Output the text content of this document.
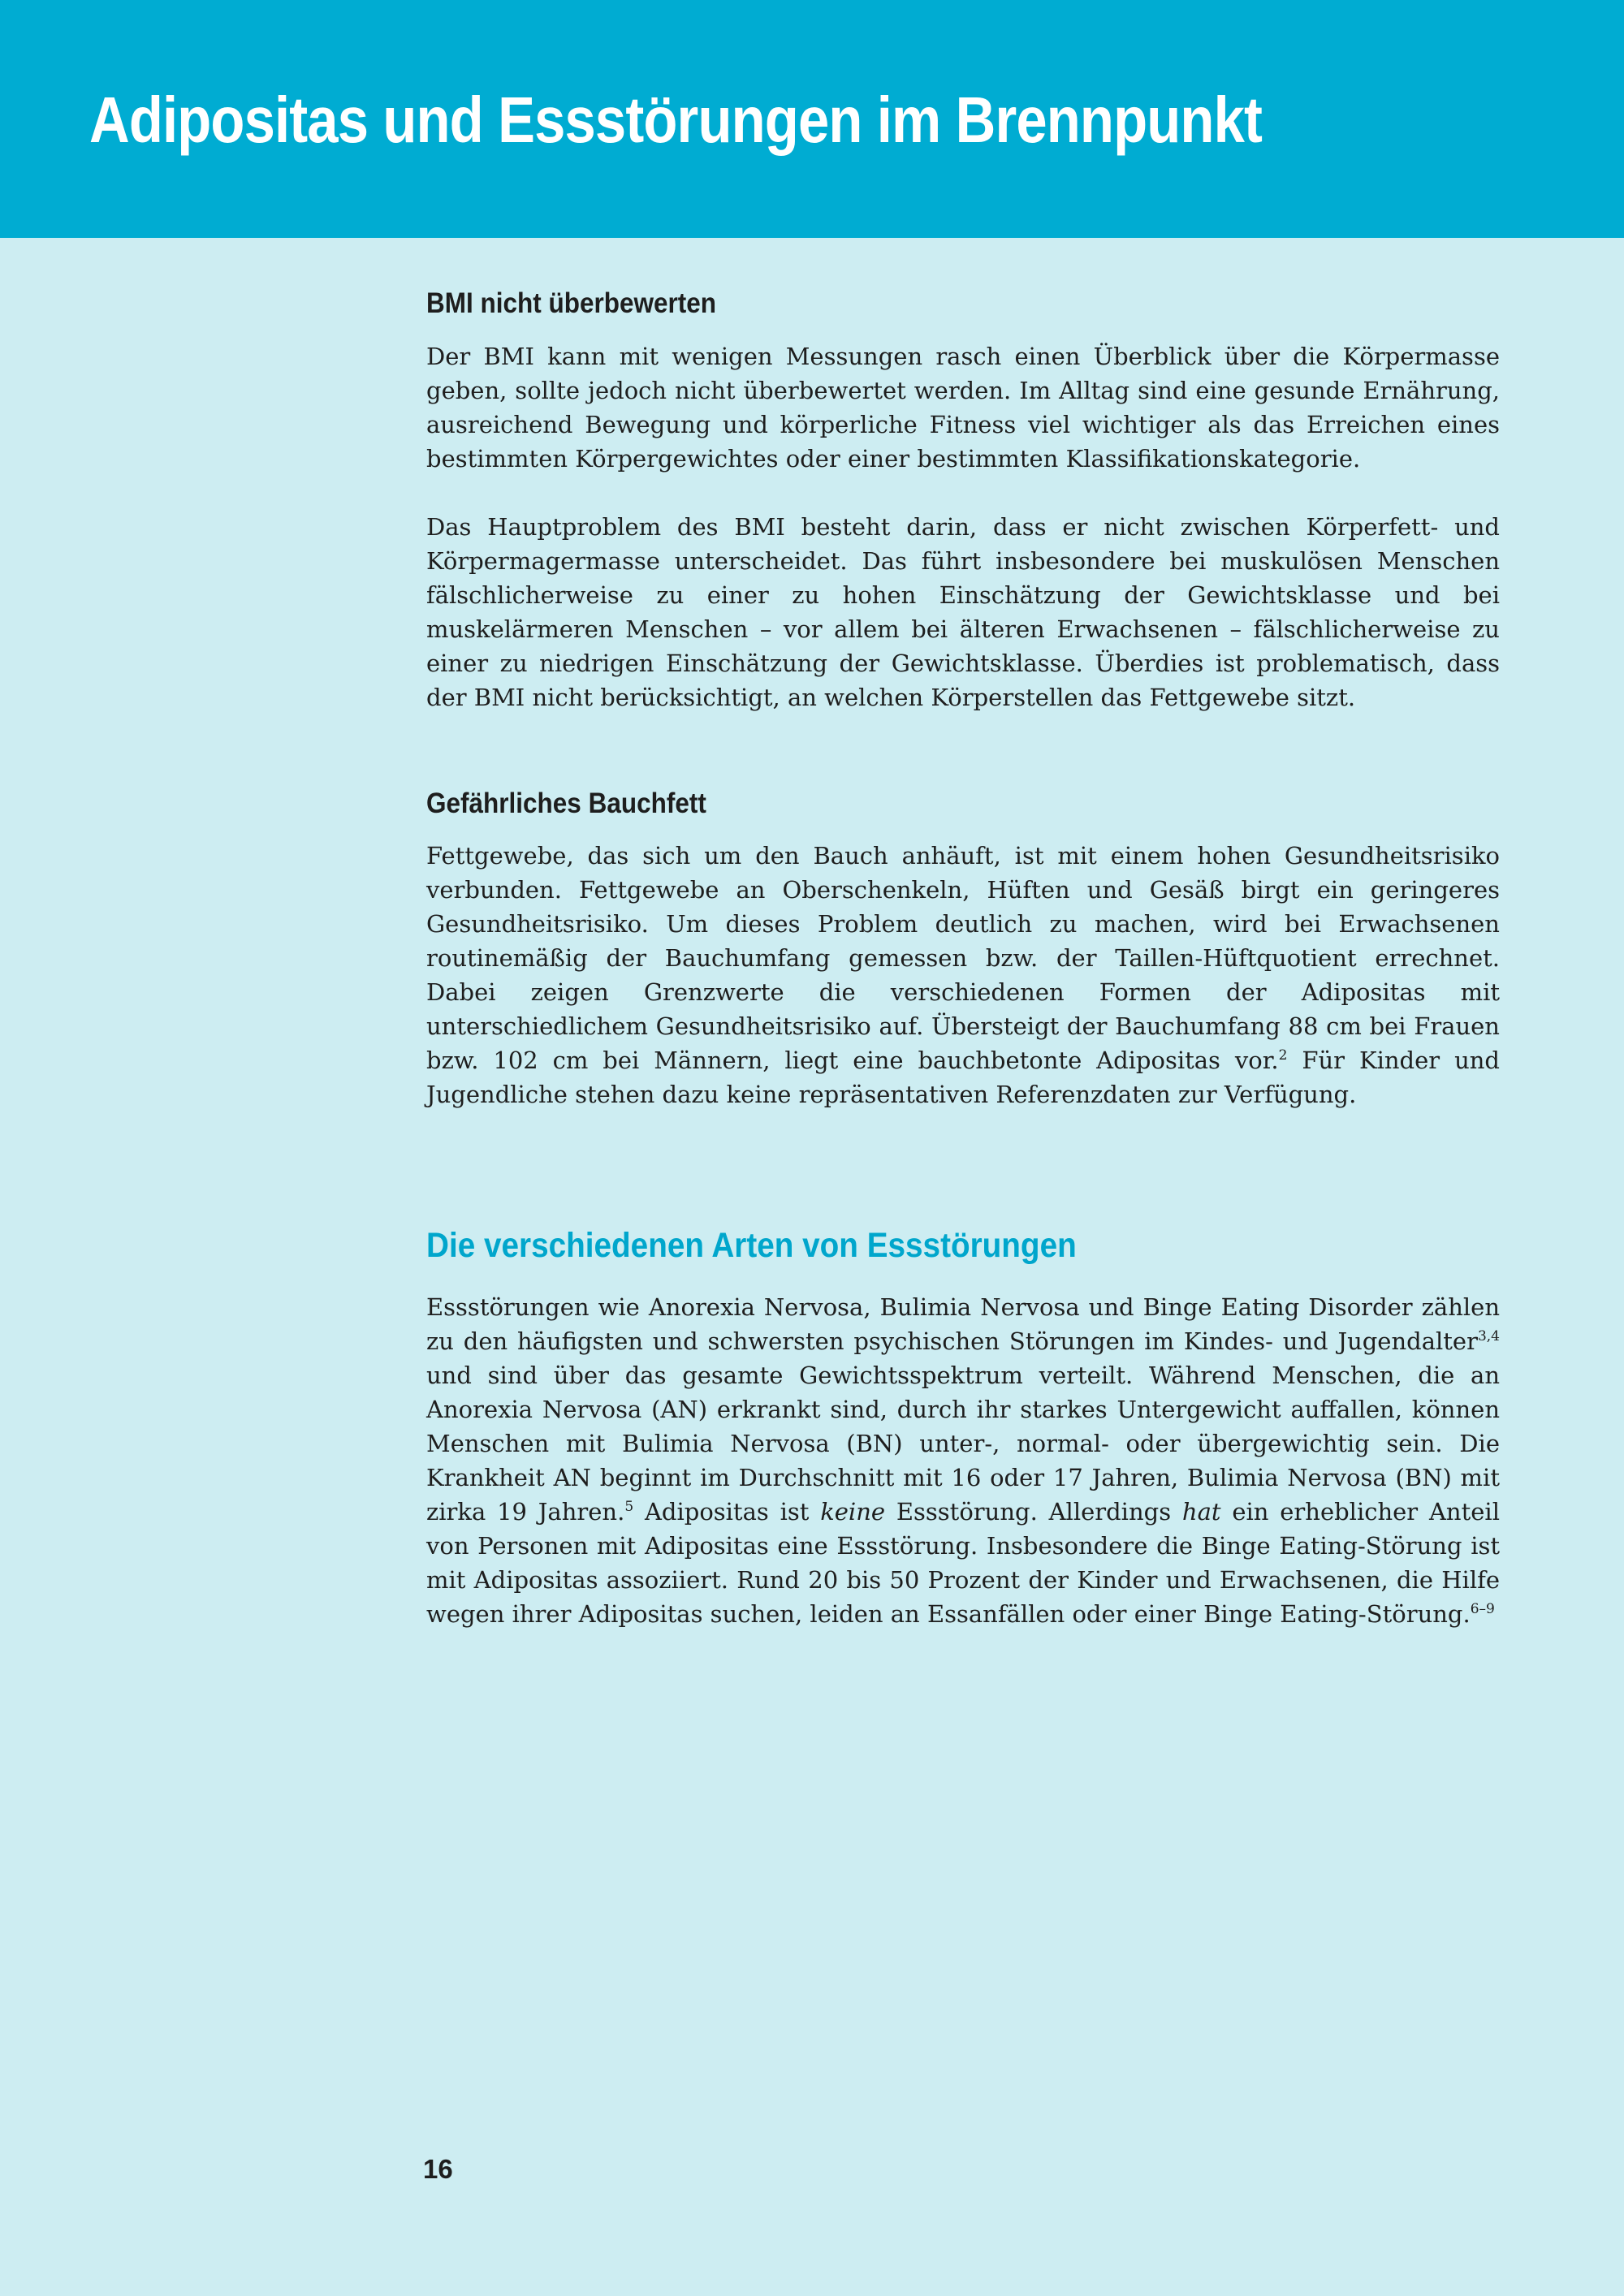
Adipositas und Essstörungen im Brennpunkt
BMI nicht überbewerten

Der BMI kann mit wenigen Messungen rasch einen Überblick über die Körpermasse geben, sollte jedoch nicht überbewertet werden. Im Alltag sind eine gesunde Ernährung, ausreichend Bewegung und körperliche Fitness viel wichtiger als das Erreichen eines bestimmten Körpergewichtes oder einer bestimmten Klassifikationskategorie.

Das Hauptproblem des BMI besteht darin, dass er nicht zwischen Körperfett- und Körpermagermasse unterscheidet. Das führt insbesondere bei muskulösen Menschen fälschlicherweise zu einer zu hohen Einschätzung der Gewichtsklasse und bei muskelärmeren Menschen – vor allem bei älteren Erwachsenen – fälschlicherweise zu einer zu niedrigen Einschätzung der Gewichtsklasse. Überdies ist problematisch, dass der BMI nicht berücksichtigt, an welchen Körperstellen das Fettgewebe sitzt.

Gefährliches Bauchfett

Fettgewebe, das sich um den Bauch anhäuft, ist mit einem hohen Gesundheitsrisiko verbunden. Fettgewebe an Oberschenkeln, Hüften und Gesäß birgt ein geringeres Gesundheitsrisiko. Um dieses Problem deutlich zu machen, wird bei Erwachsenen routinemäßig der Bauchumfang gemessen bzw. der Taillen-Hüftquotient errechnet. Dabei zeigen Grenzwerte die verschiedenen Formen der Adipositas mit unterschiedlichem Gesundheitsrisiko auf. Übersteigt der Bauchumfang 88 cm bei Frauen bzw. 102 cm bei Männern, liegt eine bauchbetonte Adipositas vor.$^2$ Für Kinder und Jugendliche stehen dazu keine repräsentativen Referenzdaten zur Verfügung.

Die verschiedenen Arten von Essstörungen

Essstörungen wie Anorexia Nervosa, Bulimia Nervosa und Binge Eating Disorder zählen zu den häufigsten und schwersten psychischen Störungen im Kindes- und Jugendalter$^{3,4}$ und sind über das gesamte Gewichtsspektrum verteilt. Während Menschen, die an Anorexia Nervosa (AN) erkrankt sind, durch ihr starkes Untergewicht auffallen, können Menschen mit Bulimia Nervosa (BN) unter-, normal- oder übergewichtig sein. Die Krankheit AN beginnt im Durchschnitt mit 16 oder 17 Jahren, Bulimia Nervosa (BN) mit zirka 19 Jahren.$^5$ Adipositas ist keine Essstörung. Allerdings hat ein erheblicher Anteil von Personen mit Adipositas eine Essstörung. Insbesondere die Binge Eating-Störung ist mit Adipositas assoziiert. Rund 20 bis 50 Prozent der Kinder und Erwachsenen, die Hilfe wegen ihrer Adipositas suchen, leiden an Essanfällen oder einer Binge Eating-Störung.$^{6-9}$

16
